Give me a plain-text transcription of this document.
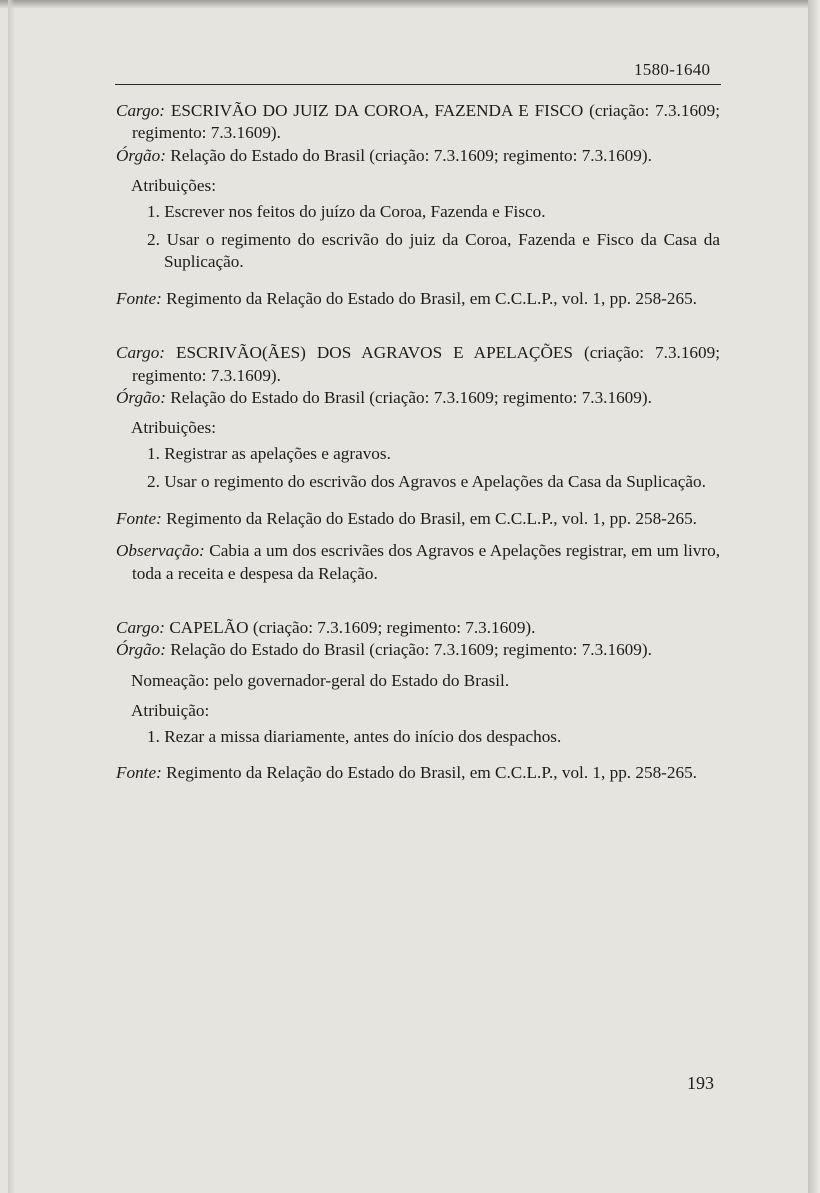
1580-1640

Cargo: ESCRIVÃO DO JUIZ DA COROA, FAZENDA E FISCO (criação: 7.3.1609; regimento: 7.3.1609).

Órgão: Relação do Estado do Brasil (criação: 7.3.1609; regimento: 7.3.1609).

Atribuições:

1. Escrever nos feitos do juízo da Coroa, Fazenda e Fisco.

2. Usar o regimento do escrivão do juiz da Coroa, Fazenda e Fisco da Casa da Suplicação.

Fonte: Regimento da Relação do Estado do Brasil, em C.C.L.P., vol. 1, pp. 258-265.

Cargo: ESCRIVÃO(ÃES) DOS AGRAVOS E APELAÇÕES (criação: 7.3.1609; regimento: 7.3.1609).

Órgão: Relação do Estado do Brasil (criação: 7.3.1609; regimento: 7.3.1609).

Atribuições:

1. Registrar as apelações e agravos.

2. Usar o regimento do escrivão dos Agravos e Apelações da Casa da Suplicação.

Fonte: Regimento da Relação do Estado do Brasil, em C.C.L.P., vol. 1, pp. 258-265.

Observação: Cabia a um dos escrivães dos Agravos e Apelações registrar, em um livro, toda a receita e despesa da Relação.

Cargo: CAPELÃO (criação: 7.3.1609; regimento: 7.3.1609).

Órgão: Relação do Estado do Brasil (criação: 7.3.1609; regimento: 7.3.1609).

Nomeação: pelo governador-geral do Estado do Brasil.

Atribuição:

1. Rezar a missa diariamente, antes do início dos despachos.

Fonte: Regimento da Relação do Estado do Brasil, em C.C.L.P., vol. 1, pp. 258-265.

193
